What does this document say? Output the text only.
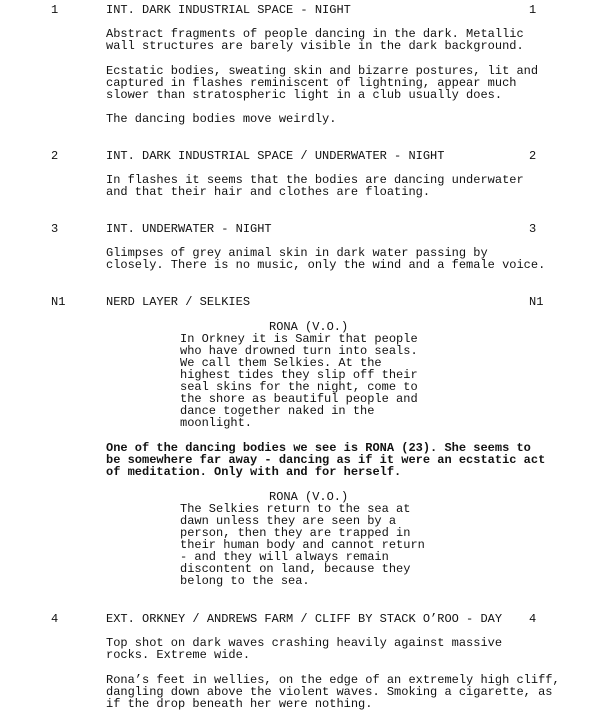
1	INT. DARK INDUSTRIAL SPACE - NIGHT	1
Abstract fragments of people dancing in the dark. Metallic
wall structures are barely visible in the dark background.
Ecstatic bodies, sweating skin and bizarre postures, lit and
captured in flashes reminiscent of lightning, appear much
slower than stratospheric light in a club usually does.
The dancing bodies move weirdly.
2	INT. DARK INDUSTRIAL SPACE / UNDERWATER - NIGHT	2
In flashes it seems that the bodies are dancing underwater
and that their hair and clothes are floating.
3	INT. UNDERWATER - NIGHT	3
Glimpses of grey animal skin in dark water passing by
closely. There is no music, only the wind and a female voice.
N1	NERD LAYER / SELKIES	N1
RONA (V.O.)
In Orkney it is Samir that people
who have drowned turn into seals.
We call them Selkies. At the
highest tides they slip off their
seal skins for the night, come to
the shore as beautiful people and
dance together naked in the
moonlight.
One of the dancing bodies we see is RONA (23). She seems to
be somewhere far away - dancing as if it were an ecstatic act
of meditation. Only with and for herself.
RONA (V.O.)
The Selkies return to the sea at
dawn unless they are seen by a
person, then they are trapped in
their human body and cannot return
- and they will always remain
discontent on land, because they
belong to the sea.
4	EXT. ORKNEY / ANDREWS FARM / CLIFF BY STACK O’ROO - DAY 4
Top shot on dark waves crashing heavily against massive
rocks. Extreme wide.
Rona’s feet in wellies, on the edge of an extremely high cliff,
dangling down above the violent waves. Smoking a cigarette, as
if the drop beneath her were nothing.
